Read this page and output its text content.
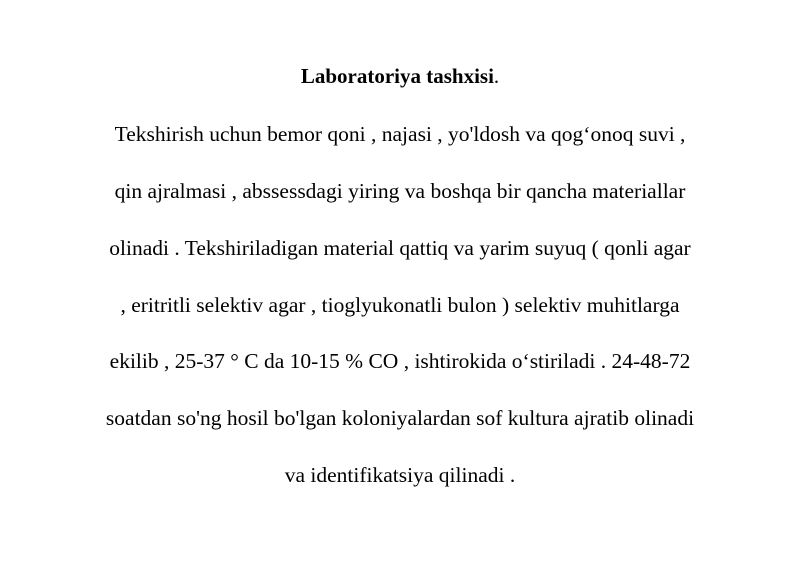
Laboratoriya tashxisi.
Tekshirish uchun bemor qoni , najasi , yo'ldosh va qog‘onoq suvi ,
qin ajralmasi , abssessdagi yiring va boshqa bir qancha materiallar
olinadi . Tekshiriladigan material qattiq va yarim suyuq ( qonli agar
, eritritli selektiv agar , tioglyukonatli bulon ) selektiv muhitlarga
ekilib , 25-37 ° C da 10-15 % CO , ishtirokida o‘stiriladi . 24-48-72
soatdan so'ng hosil bo'lgan koloniyalardan sof kultura ajratib olinadi
va identifikatsiya qilinadi .
